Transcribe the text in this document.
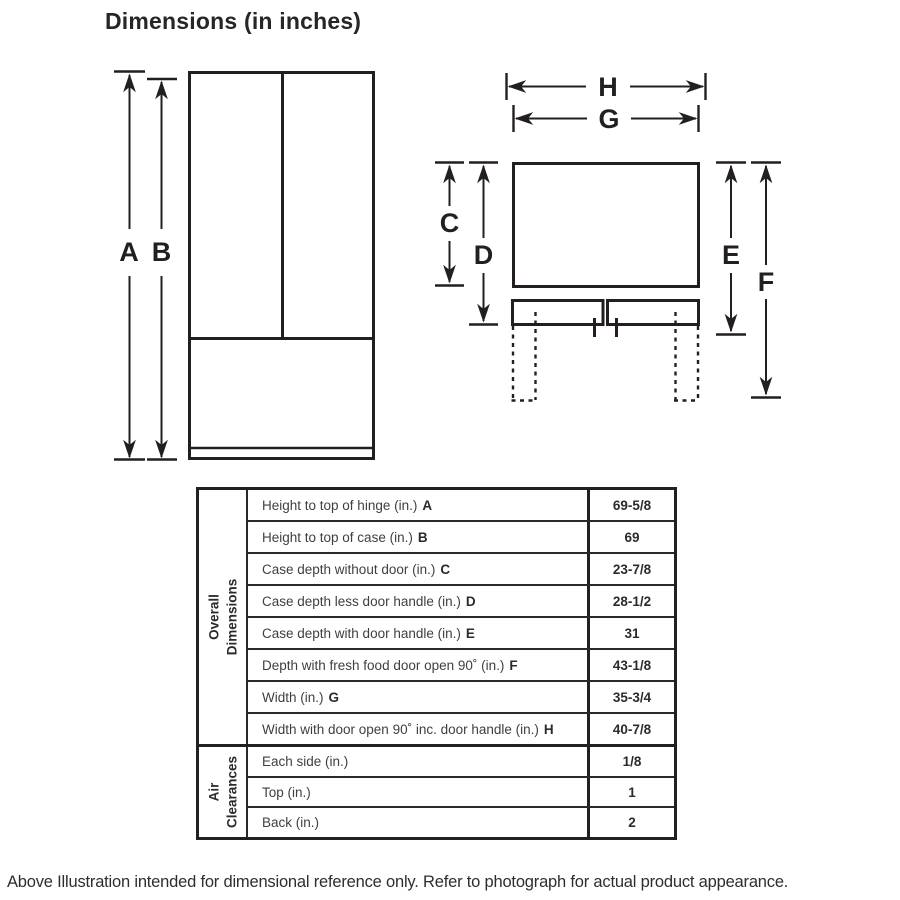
Dimensions (in inches)
A B
H
G
C
D	E
F
Overall Dimensions
Height to top of hinge (in.) A	69-5/8
Height to top of case (in.) B	69
Case depth without door (in.) C	23-7/8
Case depth less door handle (in.) D	28-1/2
Case depth with door handle (in.) E	31
Depth with fresh food door open 90˚ (in.) F	43-1/8
Width (in.) G	35-3/4
Width with door open 90˚ inc. door handle (in.) H	40-7/8
Air Clearances Each side (in.)	1/8
Top (in.)	1
Back (in.)	2
Above Illustration intended for dimensional reference only. Refer to photograph for actual product appearance.
